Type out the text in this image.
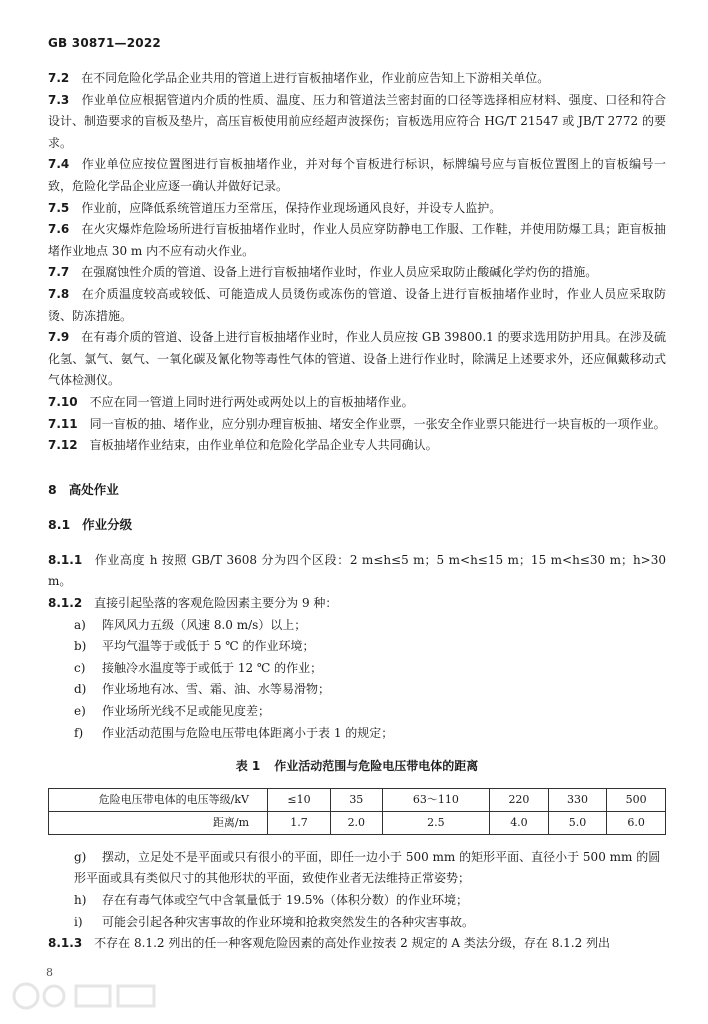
GB 30871—2022

7.2 在不同危险化学品企业共用的管道上进行盲板抽堵作业，作业前应告知上下游相关单位。

7.3 作业单位应根据管道内介质的性质、温度、压力和管道法兰密封面的口径等选择相应材料、强度、口径和符合设计、制造要求的盲板及垫片，高压盲板使用前应经超声波探伤；盲板选用应符合 HG/T 21547 或 JB/T 2772 的要求。

7.4 作业单位应按位置图进行盲板抽堵作业，并对每个盲板进行标识，标牌编号应与盲板位置图上的盲板编号一致，危险化学品企业应逐一确认并做好记录。

7.5 作业前，应降低系统管道压力至常压，保持作业现场通风良好，并设专人监护。

7.6 在火灾爆炸危险场所进行盲板抽堵作业时，作业人员应穿防静电工作服、工作鞋，并使用防爆工具；距盲板抽堵作业地点 30 m 内不应有动火作业。

7.7 在强腐蚀性介质的管道、设备上进行盲板抽堵作业时，作业人员应采取防止酸碱化学灼伤的措施。

7.8 在介质温度较高或较低、可能造成人员烫伤或冻伤的管道、设备上进行盲板抽堵作业时，作业人员应采取防烫、防冻措施。

7.9 在有毒介质的管道、设备上进行盲板抽堵作业时，作业人员应按 GB 39800.1 的要求选用防护用具。在涉及硫化氢、氯气、氨气、一氧化碳及氰化物等毒性气体的管道、设备上进行作业时，除满足上述要求外，还应佩戴移动式气体检测仪。

7.10 不应在同一管道上同时进行两处或两处以上的盲板抽堵作业。

7.11 同一盲板的抽、堵作业，应分别办理盲板抽、堵安全作业票，一张安全作业票只能进行一块盲板的一项作业。

7.12 盲板抽堵作业结束，由作业单位和危险化学品企业专人共同确认。

8 高处作业
8.1 作业分级

8.1.1 作业高度 h 按照 GB/T 3608 分为四个区段：2 m≤h≤5 m；5 m<h≤15 m；15 m<h≤30 m；h>30 m。

8.1.2 直接引起坠落的客观危险因素主要分为 9 种：

a) 阵风风力五级（风速 8.0 m/s）以上；

b) 平均气温等于或低于 5 ℃ 的作业环境；

c) 接触冷水温度等于或低于 12 ℃ 的作业；

d) 作业场地有冰、雪、霜、油、水等易滑物；

e) 作业场所光线不足或能见度差；

f) 作业活动范围与危险电压带电体距离小于表 1 的规定；

表 1 作业活动范围与危险电压带电体的距离
危险电压带电体的电压等级/kV	≤10	35	63～110	220	330	500
距离/m	1.7	2.0	2.5	4.0	5.0	6.0

g) 摆动，立足处不是平面或只有很小的平面，即任一边小于 500 mm 的矩形平面、直径小于 500 mm 的圆形平面或具有类似尺寸的其他形状的平面，致使作业者无法维持正常姿势；

h) 存在有毒气体或空气中含氧量低于 19.5%（体积分数）的作业环境；

i) 可能会引起各种灾害事故的作业环境和抢救突然发生的各种灾害事故。

8.1.3 不存在 8.1.2 列出的任一种客观危险因素的高处作业按表 2 规定的 A 类法分级，存在 8.1.2 列出

8
